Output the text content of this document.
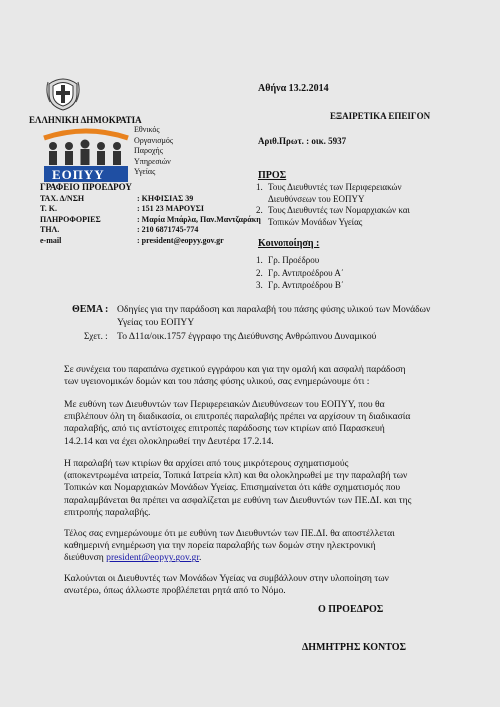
ΕΛΛΗΝΙΚΗ ΔΗΜΟΚΡΑΤΙΑ
ΕΟΠΥΥ
Εθνικός
Οργανισμός
Παροχής
Υπηρεσιών
Υγείας
ΓΡΑΦΕΙΟ ΠΡΟΕΔΡΟΥ
ΤΑΧ. Δ/ΝΣΗ	: ΚΗΦΙΣΙΑΣ 39
Τ. Κ.	: 151 23 ΜΑΡΟΥΣΙ
ΠΛΗΡΟΦΟΡΙΕΣ	: Μαρία Μπάρλα, Παν.Μαντζαράκη
ΤΗΛ.	: 210 6871745-774
e-mail	: president@eopyy.gov.gr
Αθήνα 13.2.2014
ΕΞΑΙΡΕΤΙΚΑ ΕΠΕΙΓΟΝ
Αριθ.Πρωτ. : οικ. 5937
ΠΡΟΣ
1. Τους Διευθυντές των Περιφερειακών
Διευθύνσεων του ΕΟΠΥΥ
2. Τους Διευθυντές των Νομαρχιακών και
Τοπικών Μονάδων Υγείας
Κοινοποίηση :
1. Γρ. Προέδρου
2. Γρ. Αντιπροέδρου Α΄
3. Γρ. Αντιπροέδρου Β΄
ΘΕΜΑ : Οδηγίες για την παράδοση και παραλαβή του πάσης φύσης υλικού των Μονάδων
Υγείας του ΕΟΠΥΥ
Σχετ. : Το Δ11α/οικ.1757 έγγραφο της Διεύθυνσης Ανθρώπινου Δυναμικού
Σε συνέχεια του παραπάνω σχετικού εγγράφου και για την ομαλή και ασφαλή παράδοση
των υγειονομικών δομών και του πάσης φύσης υλικού, σας ενημερώνουμε ότι :
Με ευθύνη των Διευθυντών των Περιφερειακών Διευθύνσεων του ΕΟΠΥΥ, που θα
επιβλέπουν όλη τη διαδικασία, οι επιτροπές παραλαβής πρέπει να αρχίσουν τη διαδικασία
παραλαβής, από τις αντίστοιχες επιτροπές παράδοσης των κτιρίων από Παρασκευή
14.2.14 και να έχει ολοκληρωθεί την Δευτέρα 17.2.14.
Η παραλαβή των κτιρίων θα αρχίσει από τους μικρότερους σχηματισμούς
(αποκεντρωμένα ιατρεία, Τοπικά Ιατρεία κλπ) και θα ολοκληρωθεί με την παραλαβή των
Τοπικών και Νομαρχιακών Μονάδων Υγείας. Επισημαίνεται ότι κάθε σχηματισμός που
παραλαμβάνεται θα πρέπει να ασφαλίζεται με ευθύνη των Διευθυντών των ΠΕ.ΔΙ. και της
επιτροπής παραλαβής.
Τέλος σας ενημερώνουμε ότι με ευθύνη των Διευθυντών των ΠΕ.ΔΙ. θα αποστέλλεται
καθημερινή ενημέρωση για την πορεία παραλαβής των δομών στην ηλεκτρονική
διεύθυνση president@eopyy.gov.gr.
Καλούνται οι Διευθυντές των Μονάδων Υγείας να συμβάλλουν στην υλοποίηση των
ανωτέρω, όπως άλλωστε προβλέπεται ρητά από το Νόμο.
Ο ΠΡΟΕΔΡΟΣ
ΔΗΜΗΤΡΗΣ ΚΟΝΤΟΣ
